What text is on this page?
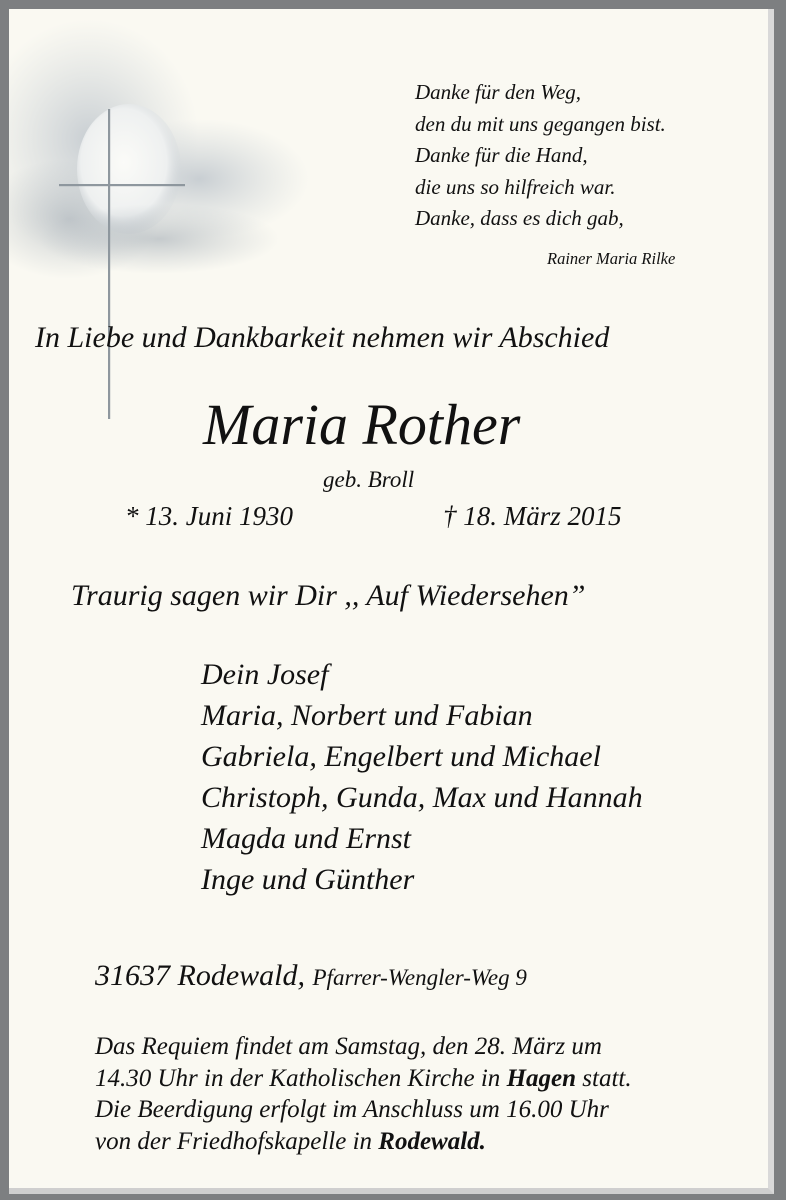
Danke für den Weg,
den du mit uns gegangen bist.
Danke für die Hand,
die uns so hilfreich war.
Danke, dass es dich gab,
Rainer Maria Rilke
In Liebe und Dankbarkeit nehmen wir Abschied
Maria Rother
geb. Broll
* 13. Juni 1930	† 18. März 2015
Traurig sagen wir Dir ,, Auf Wiedersehen”
Dein Josef
Maria, Norbert und Fabian
Gabriela, Engelbert und Michael
Christoph, Gunda, Max und Hannah
Magda und Ernst
Inge und Günther
31637 Rodewald, Pfarrer-Wengler-Weg 9
Das Requiem findet am Samstag, den 28. März um
14.30 Uhr in der Katholischen Kirche in Hagen statt.
Die Beerdigung erfolgt im Anschluss um 16.00 Uhr
von der Friedhofskapelle in Rodewald.
